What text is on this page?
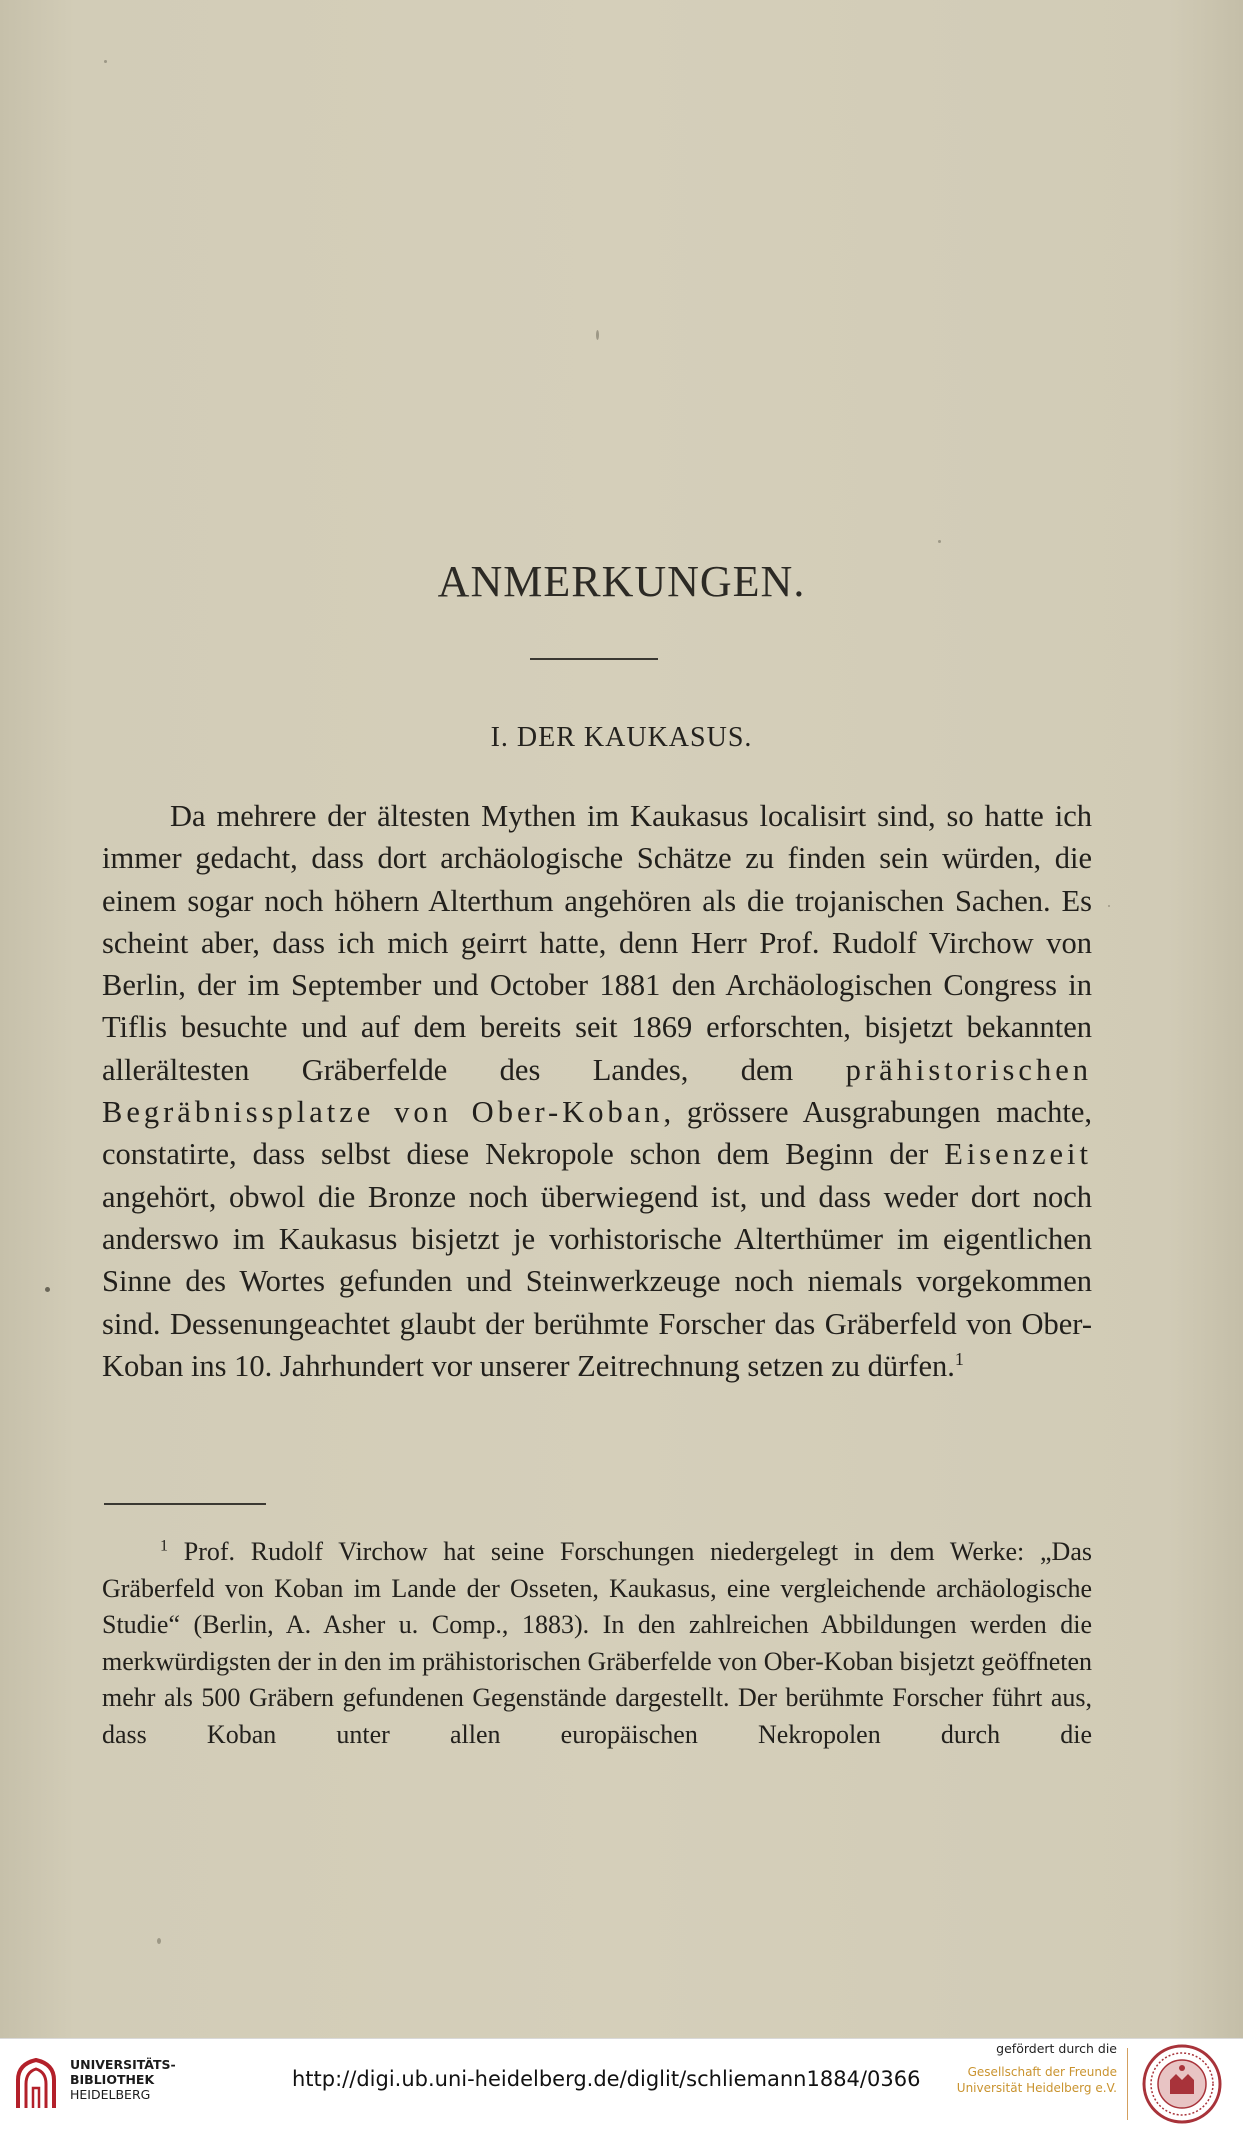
ANMERKUNGEN.
I. DER KAUKASUS.

Da mehrere der ältesten Mythen im Kaukasus localisirt sind, so hatte ich immer gedacht, dass dort archäologische Schätze zu finden sein würden, die einem sogar noch höhern Alterthum angehören als die trojanischen Sachen. Es scheint aber, dass ich mich geirrt hatte, denn Herr Prof. Rudolf Virchow von Berlin, der im September und October 1881 den Archäologischen Congress in Tiflis besuchte und auf dem bereits seit 1869 erforschten, bisjetzt bekannten allerältesten Gräberfelde des Landes, dem prähistorischen Begräbnissplatze von Ober-Koban, grössere Ausgrabungen machte, constatirte, dass selbst diese Nekropole schon dem Beginn der Eisenzeit angehört, obwol die Bronze noch überwiegend ist, und dass weder dort noch anderswo im Kaukasus bisjetzt je vorhistorische Alterthümer im eigentlichen Sinne des Wortes gefunden und Steinwerkzeuge noch niemals vorgekommen sind. Dessenungeachtet glaubt der berühmte Forscher das Gräberfeld von Ober-Koban ins 10. Jahrhundert vor unserer Zeitrechnung setzen zu dürfen.$^1$

$^1$ Prof. Rudolf Virchow hat seine Forschungen niedergelegt in dem Werke: „Das Gräberfeld von Koban im Lande der Osseten, Kaukasus, eine vergleichende archäologische Studie“ (Berlin, A. Asher u. Comp., 1883). In den zahlreichen Abbildungen werden die merkwürdigsten der in den im prähistorischen Gräberfelde von Ober-Koban bisjetzt geöffneten mehr als 500 Gräbern gefundenen Gegenstände dargestellt. Der berühmte Forscher führt aus, dass Koban unter allen europäischen Nekropolen durch die

UNIVERSITÄTS-
BIBLIOTHEK
HEIDELBERG
http://digi.ub.uni-heidelberg.de/diglit/schliemann1884/0366
gefördert durch die
Gesellschaft der Freunde
Universität Heidelberg e.V.
